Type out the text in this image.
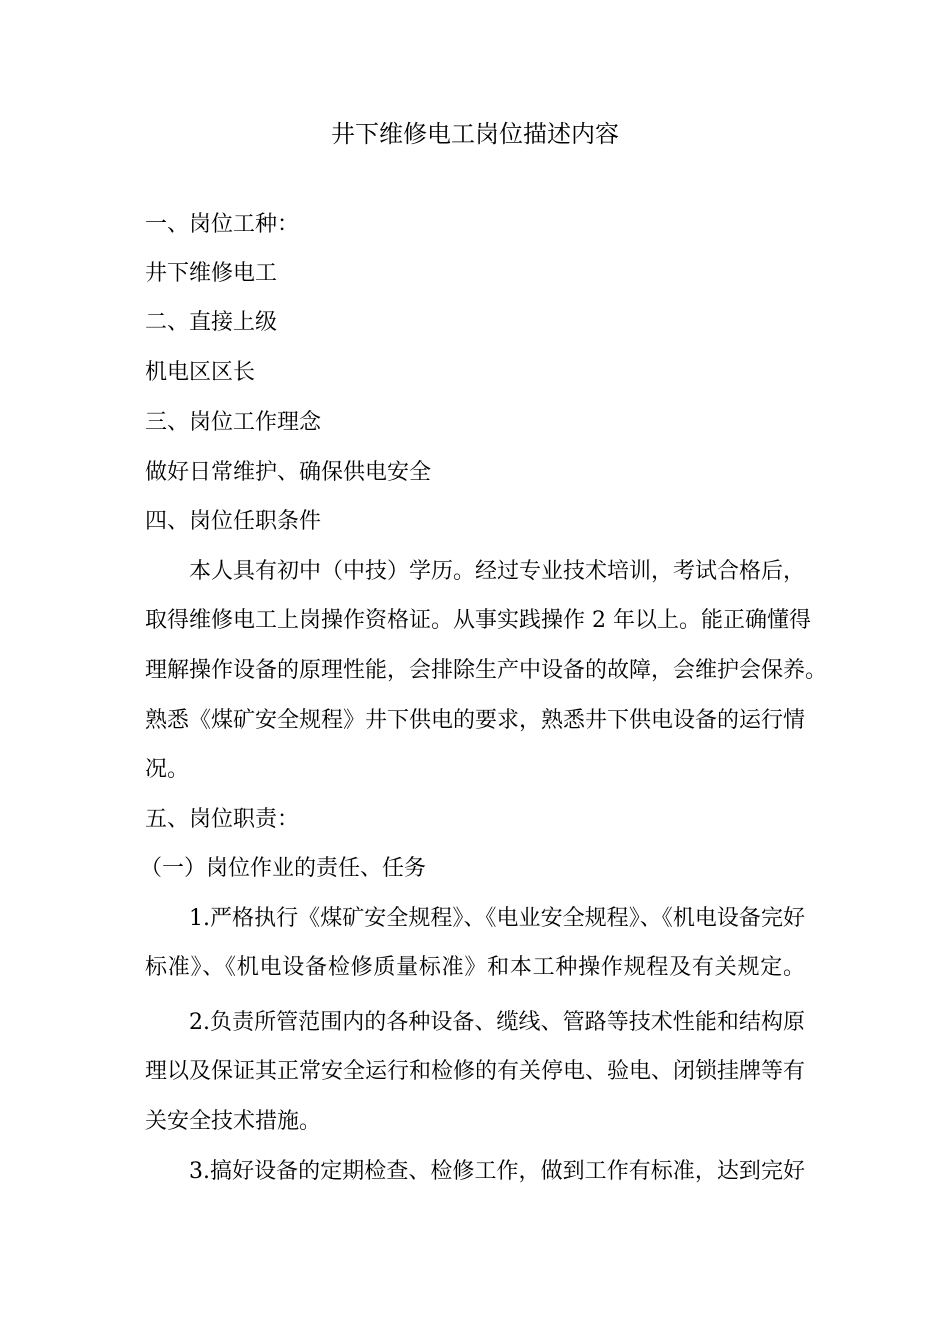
井下维修电工岗位描述内容
一、岗位工种：
井下维修电工
二、直接上级
机电区区长
三、岗位工作理念
做好日常维护、确保供电安全
四、岗位任职条件
本人具有初中（中技）学历。经过专业技术培训，考试合格后，
取得维修电工上岗操作资格证。从事实践操作 2 年以上。能正确懂得
理解操作设备的原理性能，会排除生产中设备的故障，会维护会保养。
熟悉《煤矿安全规程》井下供电的要求，熟悉井下供电设备的运行情
况。
五、岗位职责：
（一）岗位作业的责任、任务
1.严格执行《煤矿安全规程》、《电业安全规程》、《机电设备完好
标准》、《机电设备检修质量标准》和本工种操作规程及有关规定。
2.负责所管范围内的各种设备、缆线、管路等技术性能和结构原
理以及保证其正常安全运行和检修的有关停电、验电、闭锁挂牌等有
关安全技术措施。
3.搞好设备的定期检查、检修工作，做到工作有标准，达到完好
